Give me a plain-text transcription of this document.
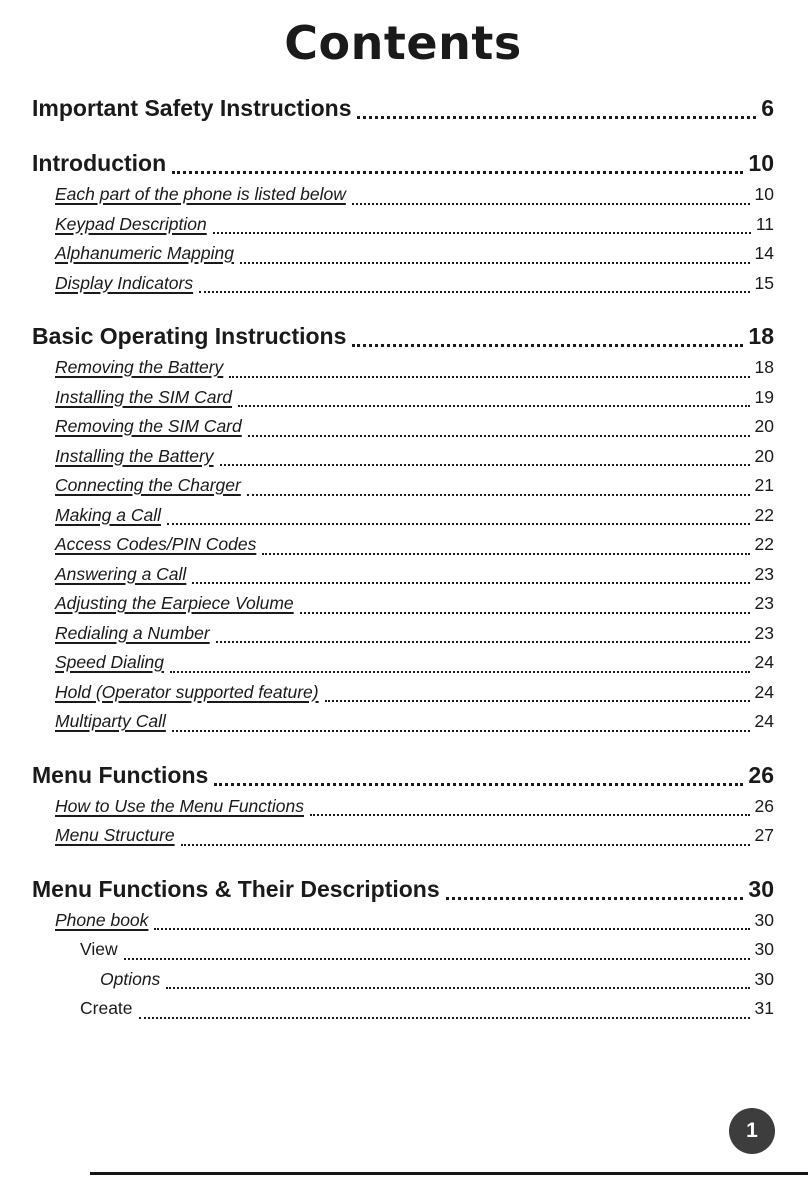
Contents
Important Safety Instructions	6
Introduction	10
Each part of the phone is listed below	10
Keypad Description	11
Alphanumeric Mapping	14
Display Indicators	15
Basic Operating Instructions	18
Removing the Battery	18
Installing the SIM Card	19
Removing the SIM Card	20
Installing the Battery	20
Connecting the Charger	21
Making a Call	22
Access Codes/PIN Codes	22
Answering a Call	23
Adjusting the Earpiece Volume	23
Redialing a Number	23
Speed Dialing	24
Hold (Operator supported feature)	24
Multiparty Call	24
Menu Functions	26
How to Use the Menu Functions	26
Menu Structure	27
Menu Functions & Their Descriptions	30
Phone book	30
View	30
Options	30
Create	31
1
